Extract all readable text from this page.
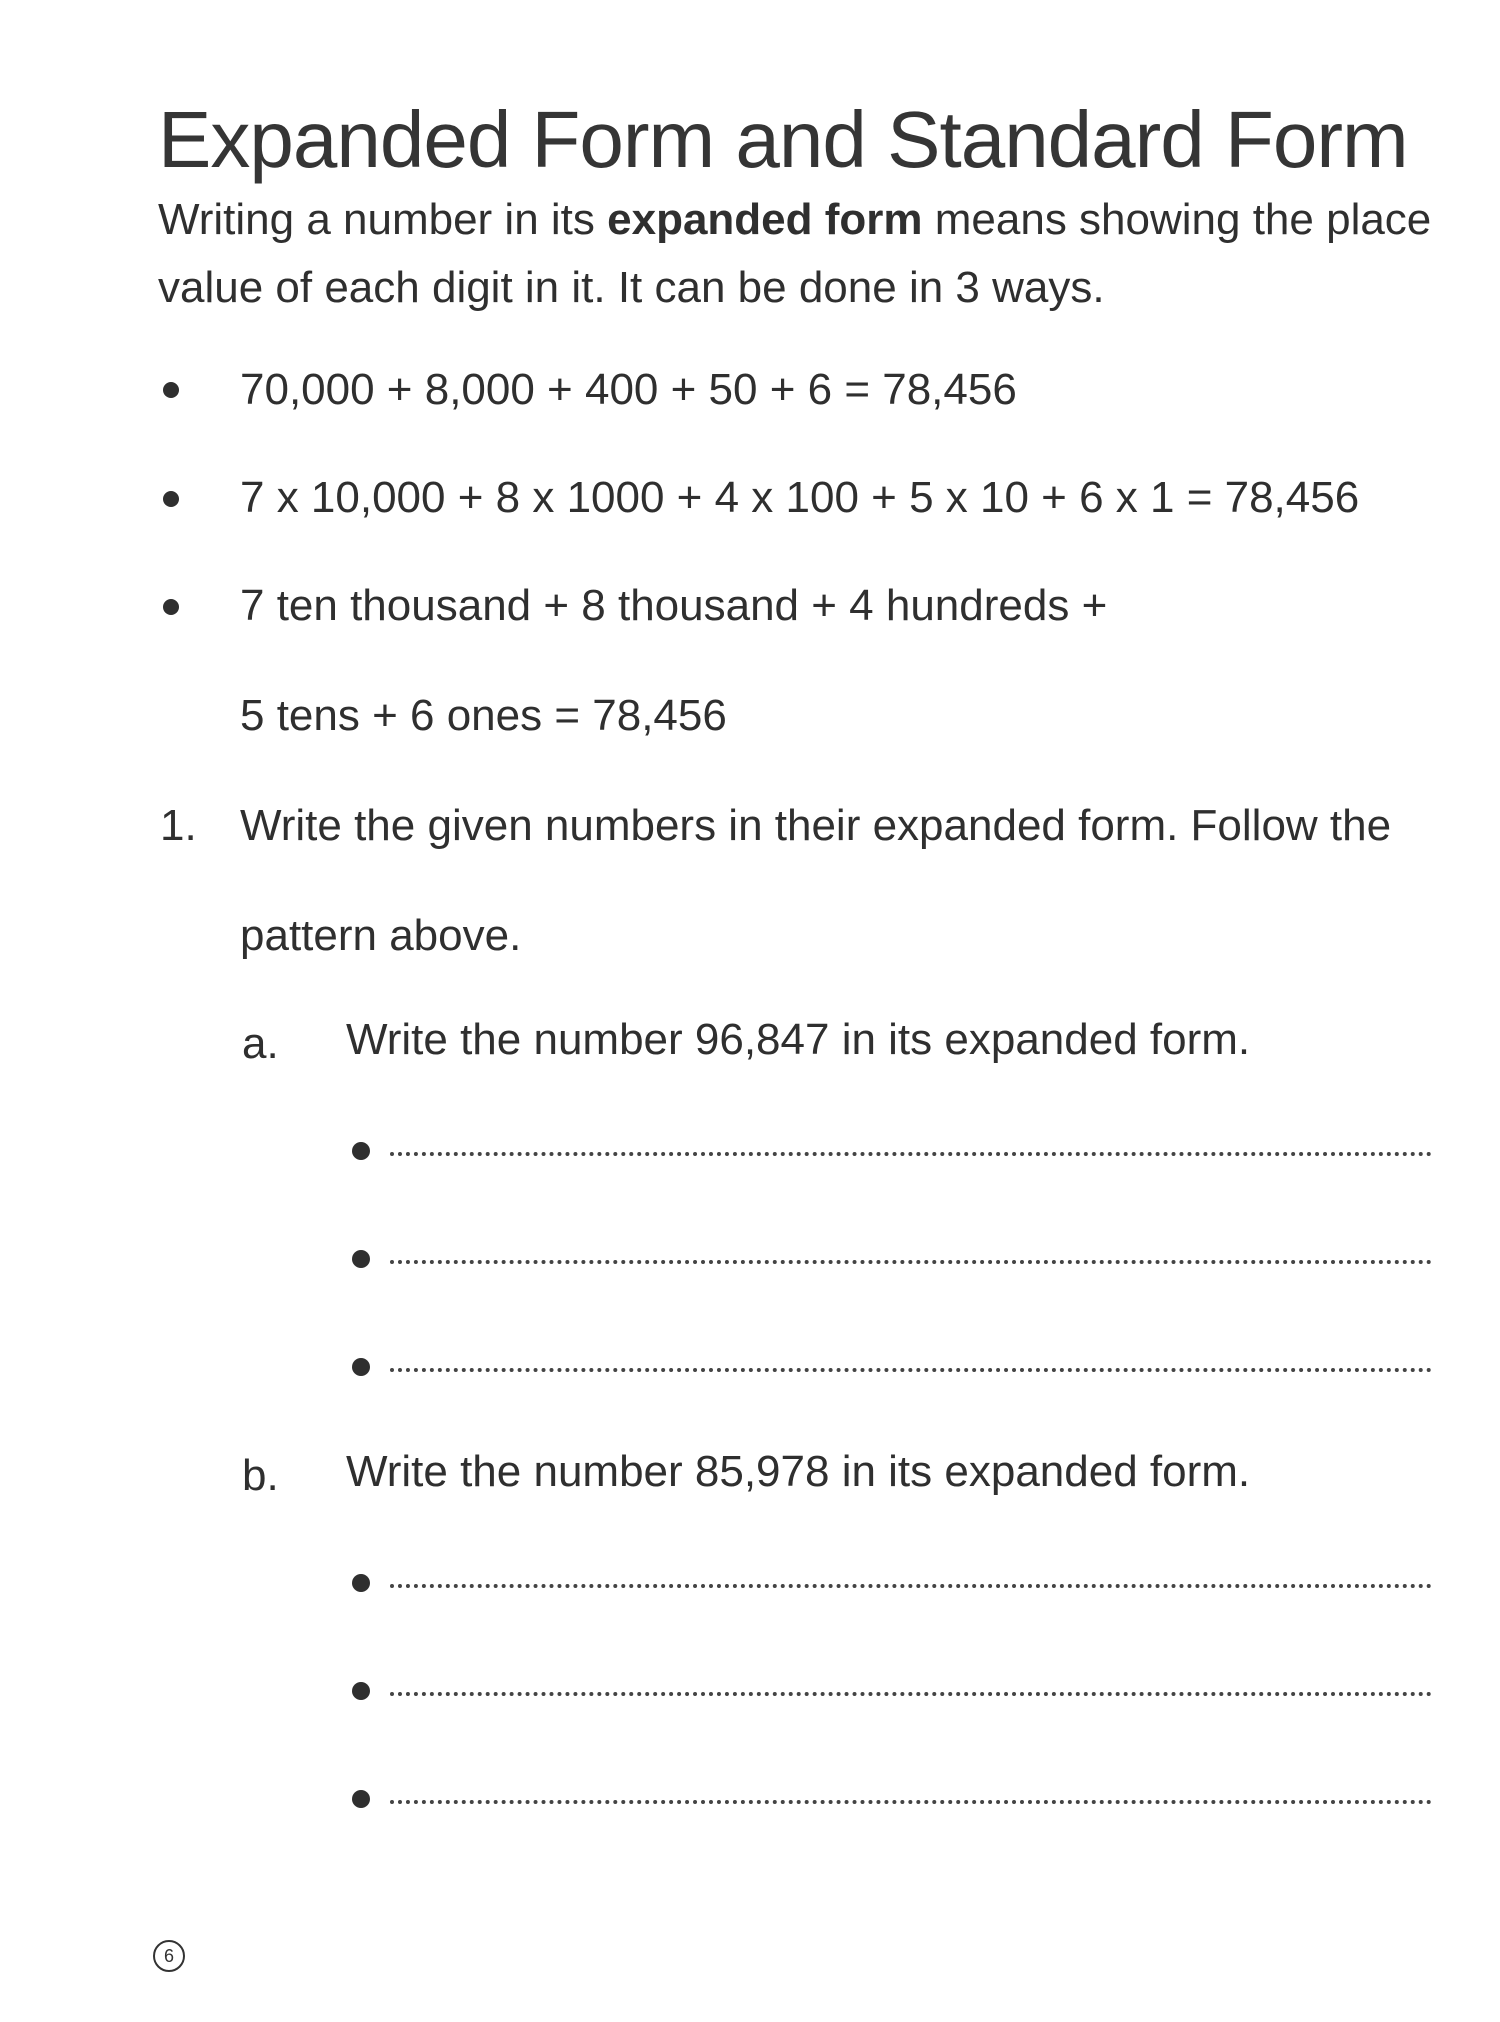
Expanded Form and Standard Form
Writing a number in its expanded form means showing the place value of each digit in it. It can be done in 3 ways.
70,000 + 8,000 + 400 + 50 + 6 = 78,456
7 x 10,000 + 8 x 1000 + 4 x 100 + 5 x 10 + 6 x 1 = 78,456
7 ten thousand + 8 thousand + 4 hundreds +
5 tens + 6 ones = 78,456
1. Write the given numbers in their expanded form. Follow the
pattern above.
a. Write the number 96,847 in its expanded form.
b. Write the number 85,978 in its expanded form.
6
